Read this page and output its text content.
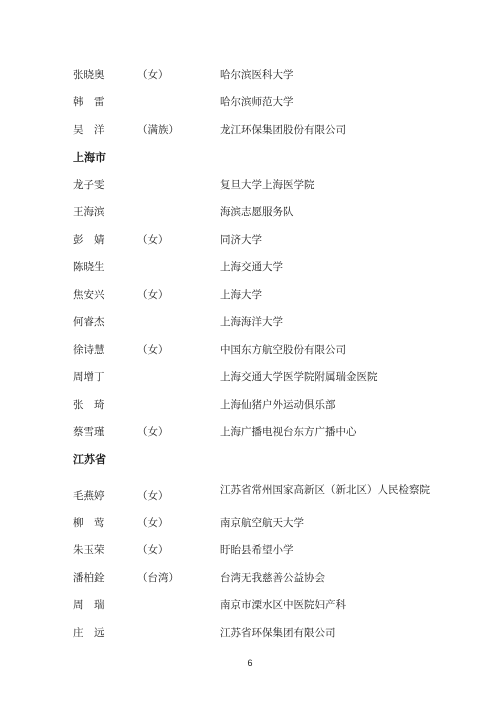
张晓奥	（女）	哈尔滨医科大学
韩　雷	哈尔滨师范大学
吴　洋	（满族）	龙江环保集团股份有限公司
上海市
龙子雯	复旦大学上海医学院
王海滨	海滨志愿服务队
彭　婧	（女）	同济大学
陈晓生	上海交通大学
焦安兴	（女）	上海大学
何睿杰	上海海洋大学
徐诗慧	（女）	中国东方航空股份有限公司
周增丁	上海交通大学医学院附属瑞金医院
张　琦	上海仙猪户外运动俱乐部
蔡雪瑾	（女）	上海广播电视台东方广播中心
江苏省
毛燕婷	（女）	江苏省常州国家高新区（新北区）人民检察院
柳　莺	（女）	南京航空航天大学
朱玉荣	（女）	盱眙县希望小学
潘柏銓	（台湾）	台湾无我慈善公益协会
周　瑞	南京市溧水区中医院妇产科
庄　远	江苏省环保集团有限公司
6
